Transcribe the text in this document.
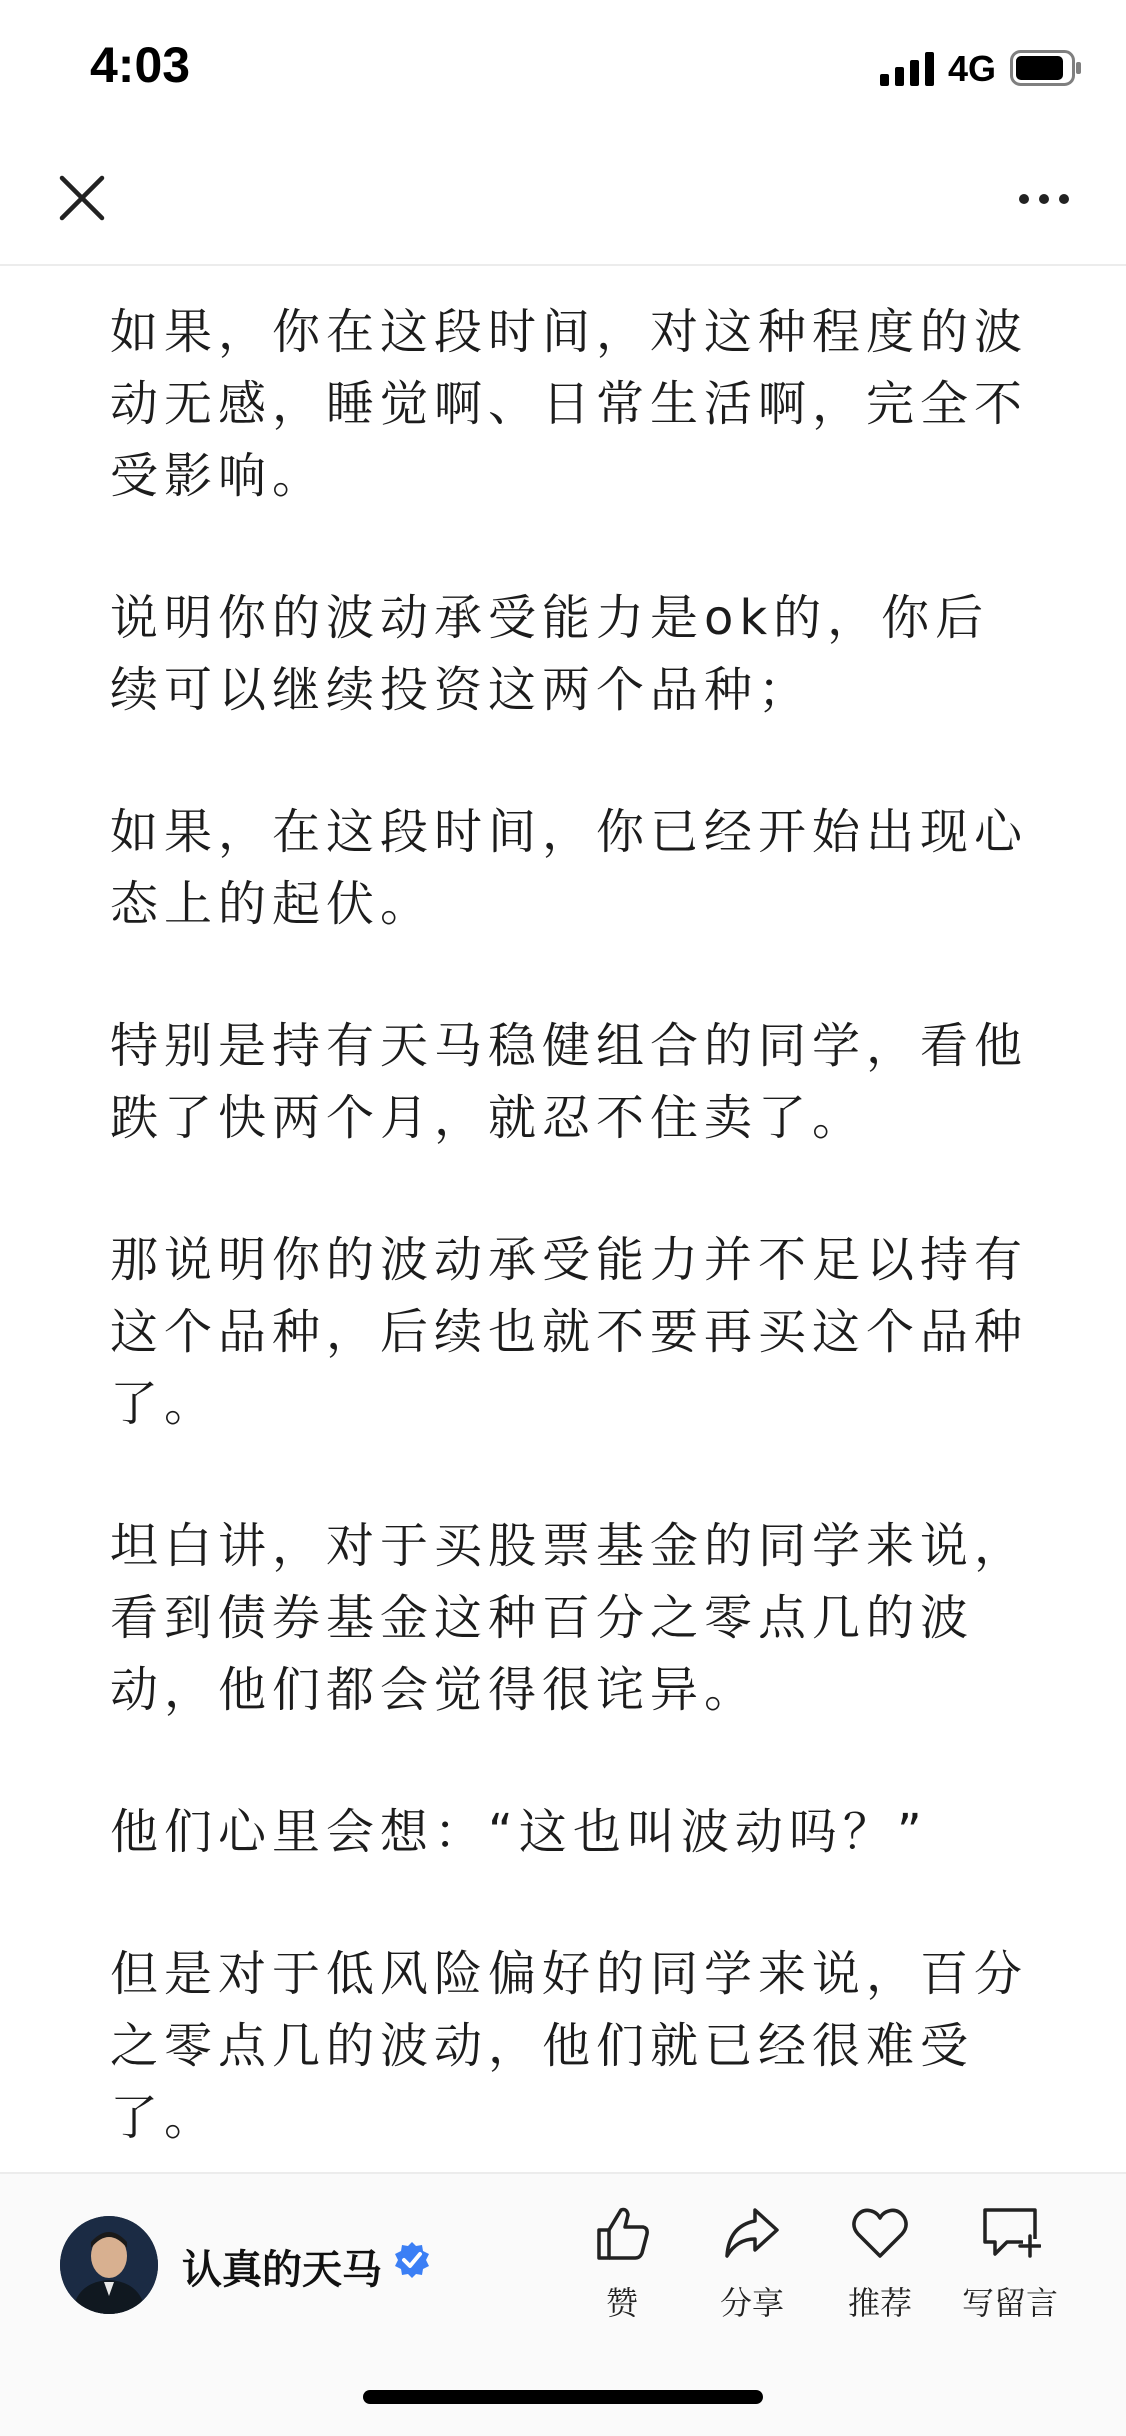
4:03	4G

如果，你在这段时间，对这种程度的波动无感，睡觉啊、日常生活啊，完全不受影响。

说明你的波动承受能力是ok的，你后续可以继续投资这两个品种；

如果，在这段时间，你已经开始出现心态上的起伏。

特别是持有天马稳健组合的同学，看他跌了快两个月，就忍不住卖了。

那说明你的波动承受能力并不足以持有这个品种，后续也就不要再买这个品种了。

坦白讲，对于买股票基金的同学来说，看到债券基金这种百分之零点几的波动，他们都会觉得很诧异。

他们心里会想：“这也叫波动吗？”

但是对于低风险偏好的同学来说，百分之零点几的波动，他们就已经很难受了。

认真的天马
赞	分享	推荐	写留言
